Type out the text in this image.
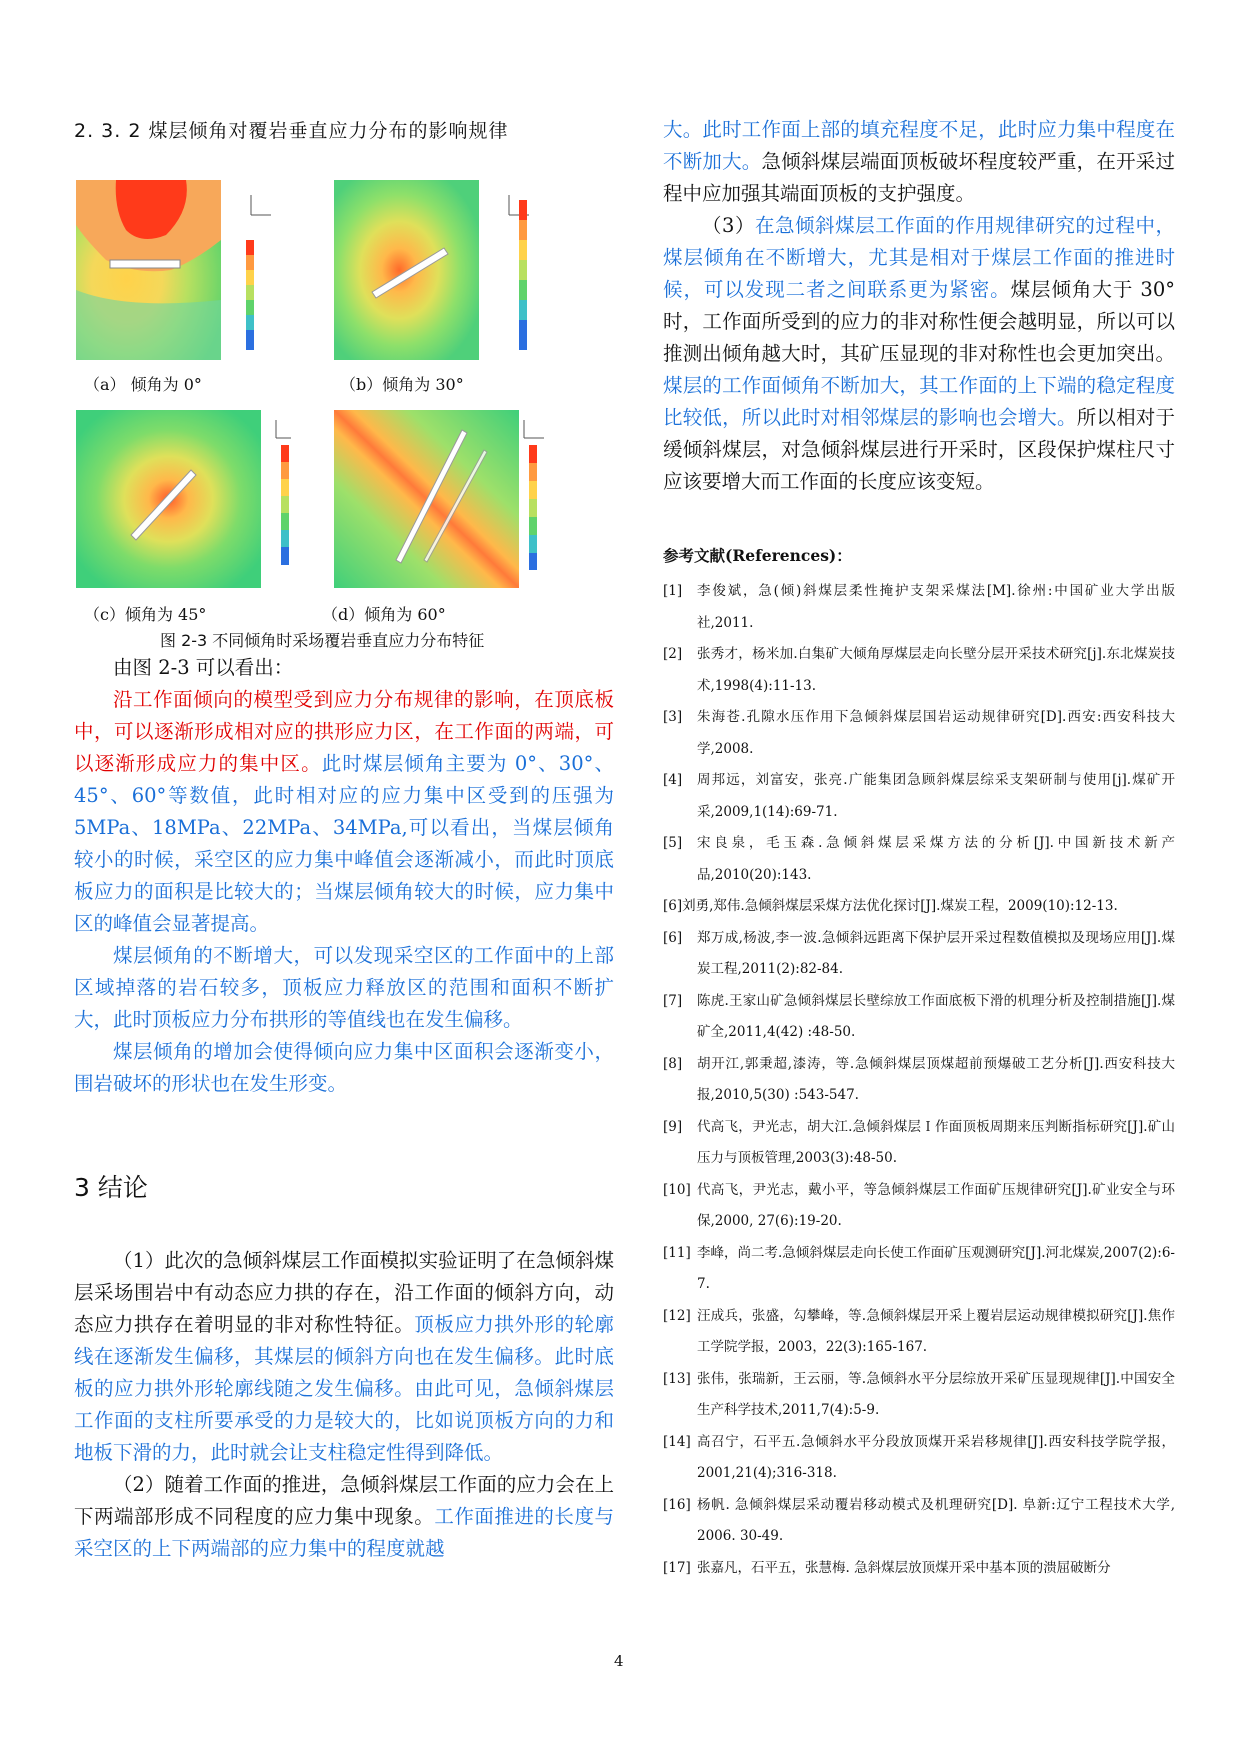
2. 3. 2 煤层倾角对覆岩垂直应力分布的影响规律
（a） 倾角为 0°	（b）倾角为 30°
（c）倾角为 45°	（d）倾角为 60°
图 2-3 不同倾角时采场覆岩垂直应力分布特征
由图 2-3 可以看出：
沿工作面倾向的模型受到应力分布规律的影响，在顶底板中，可以逐渐形成相对应的拱形应力区，在工作面的两端，可以逐渐形成应力的集中区。此时煤层倾角主要为 0°、30°、45°、60°等数值，此时相对应的应力集中区受到的压强为 5MPa、18MPa、22MPa、34MPa,可以看出，当煤层倾角较小的时候，采空区的应力集中峰值会逐渐减小，而此时顶底板应力的面积是比较大的；当煤层倾角较大的时候，应力集中区的峰值会显著提高。
煤层倾角的不断增大，可以发现采空区的工作面中的上部区域掉落的岩石较多，顶板应力释放区的范围和面积不断扩大，此时顶板应力分布拱形的等值线也在发生偏移。
煤层倾角的增加会使得倾向应力集中区面积会逐渐变小，围岩破坏的形状也在发生形变。
3 结论
（1）此次的急倾斜煤层工作面模拟实验证明了在急倾斜煤层采场围岩中有动态应力拱的存在，沿工作面的倾斜方向，动态应力拱存在着明显的非对称性特征。顶板应力拱外形的轮廓线在逐渐发生偏移，其煤层的倾斜方向也在发生偏移。此时底板的应力拱外形轮廓线随之发生偏移。由此可见，急倾斜煤层工作面的支柱所要承受的力是较大的，比如说顶板方向的力和地板下滑的力，此时就会让支柱稳定性得到降低。
（2）随着工作面的推进，急倾斜煤层工作面的应力会在上下两端部形成不同程度的应力集中现象。工作面推进的长度与采空区的上下两端部的应力集中的程度就越
大。此时工作面上部的填充程度不足，此时应力集中程度在不断加大。急倾斜煤层端面顶板破坏程度较严重，在开采过程中应加强其端面顶板的支护强度。
（3）在急倾斜煤层工作面的作用规律研究的过程中，煤层倾角在不断增大，尤其是相对于煤层工作面的推进时候，可以发现二者之间联系更为紧密。煤层倾角大于 30°时，工作面所受到的应力的非对称性便会越明显，所以可以推测出倾角越大时，其矿压显现的非对称性也会更加突出。煤层的工作面倾角不断加大，其工作面的上下端的稳定程度比较低，所以此时对相邻煤层的影响也会增大。所以相对于缓倾斜煤层，对急倾斜煤层进行开采时，区段保护煤柱尺寸应该要增大而工作面的长度应该变短。
参考文献(References)：
[1]	李俊斌，急(倾)斜煤层柔性掩护支架采煤法[M].徐州:中国矿业大学出版社,2011.
[2]	张秀才，杨米加.白集矿大倾角厚煤层走向长壁分层开采技术研究[j].东北煤炭技术,1998(4):11-13.
[3]	朱海苍.孔隙水压作用下急倾斜煤层国岩运动规律研究[D].西安:西安科技大学,2008.
[4]	周邦远，刘富安，张亮.广能集团急顾斜煤层综采支架研制与使用[j].煤矿开采,2009,1(14):69-71.
[5]	宋良泉，毛玉森.急倾斜煤层采煤方法的分析[J].中国新技术新产品,2010(20):143.
[6]刘勇,郑伟.急倾斜煤层采煤方法优化探讨[J].煤炭工程，2009(10):12-13.
[6]	郑万成,杨波,李一波.急倾斜远距离下保护层开采过程数值模拟及现场应用[J].煤炭工程,2011(2):82-84.
[7]	陈虎.王家山矿急倾斜煤层长壁综放工作面底板下滑的机理分析及控制措施[J].煤矿全,2011,4(42) :48-50.
[8]	胡开江,郭秉超,漆涛，等.急倾斜煤层顶煤超前预爆破工艺分析[J].西安科技大报,2010,5(30) :543-547.
[9]	代高飞，尹光志，胡大江.急倾斜煤层Ｉ作面顶板周期来压判断指标研究[J].矿山压力与顶板管理,2003(3):48-50.
[10] 代高飞，尹光志，戴小平，等急倾斜煤层工作面矿压规律研究[J].矿业安全与环保,2000, 27(6):19-20.
[11] 李峰，尚二考.急倾斜煤层走向长使工作面矿压观测研究[J].河北煤炭,2007(2):6-7.
[12] 汪成兵，张盛，勾攀峰，等.急倾斜煤层开采上覆岩层运动规律模拟研究[J].焦作工学院学报，2003，22(3):165-167.
[13] 张伟，张瑞新，王云丽，等.急倾斜水平分层综放开采矿压显现规律[J].中国安全生产科学技术,2011,7(4):5-9.
[14] 高召宁，石平五.急倾斜水平分段放顶煤开采岩移规律[J].西安科技学院学报，2001,21(4);316-318.
[16] 杨帆. 急倾斜煤层采动覆岩移动模式及机理研究[D]. 阜新:辽宁工程技术大学, 2006. 30-49.
[17] 张嘉凡，石平五，张慧梅. 急斜煤层放顶煤开采中基本顶的溃屈破断分
4
